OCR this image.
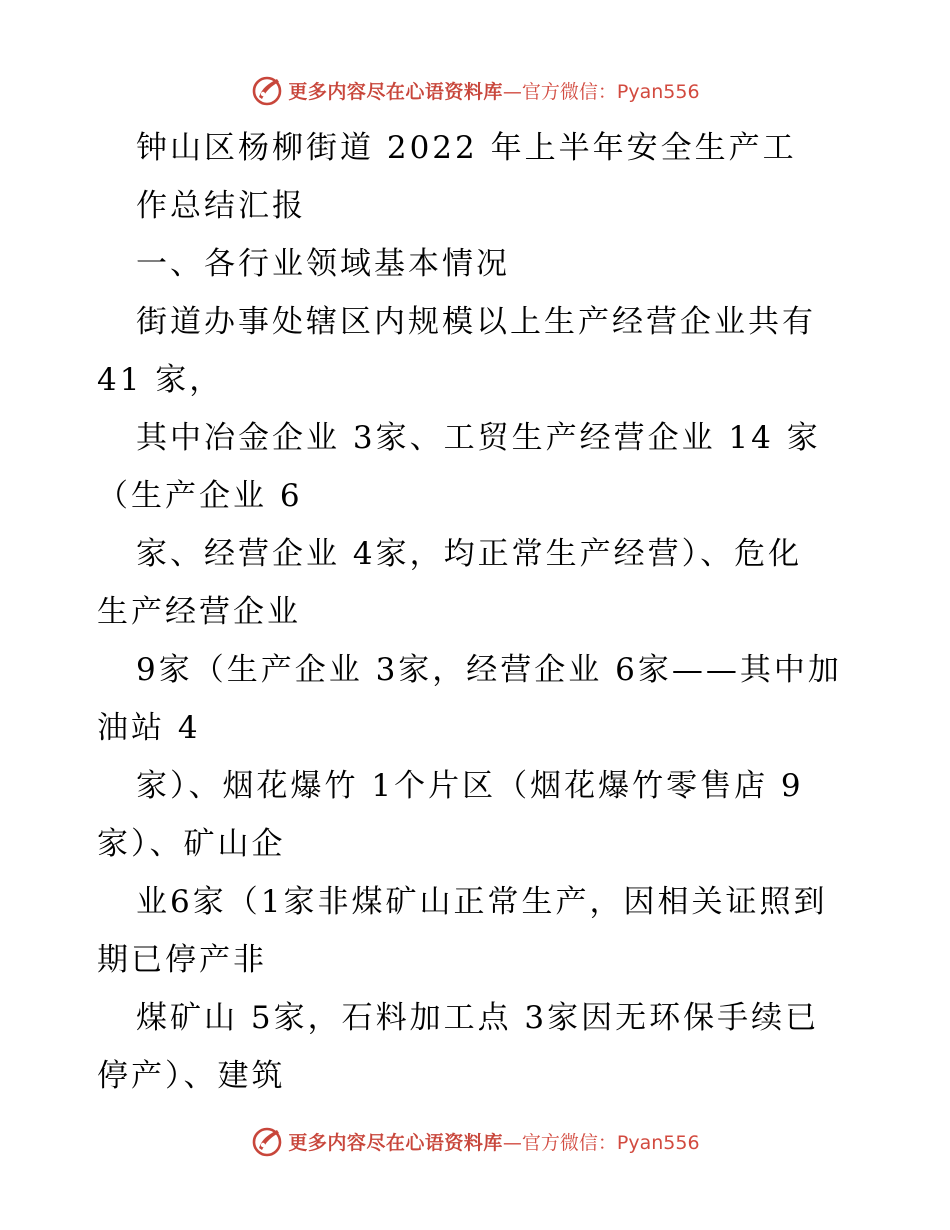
更多内容尽在心语资料库 —官方微信：Pyan556
钟山区杨柳街道 2022 年上半年安全生产工
作总结汇报
一、各行业领域基本情况
街道办事处辖区内规模以上生产经营企业共有
41 家，
其中冶金企业 3家、工贸生产经营企业 14 家
（生产企业 6
家、经营企业 4家，均正常生产经营）、危化
生产经营企业
9家（生产企业 3家，经营企业 6家——其中加
油站 4
家）、烟花爆竹 1个片区（烟花爆竹零售店 9
家）、矿山企
业6家（1家非煤矿山正常生产，因相关证照到
期已停产非
煤矿山 5家，石料加工点 3家因无环保手续已
停产）、建筑
更多内容尽在心语资料库 —官方微信：Pyan556
